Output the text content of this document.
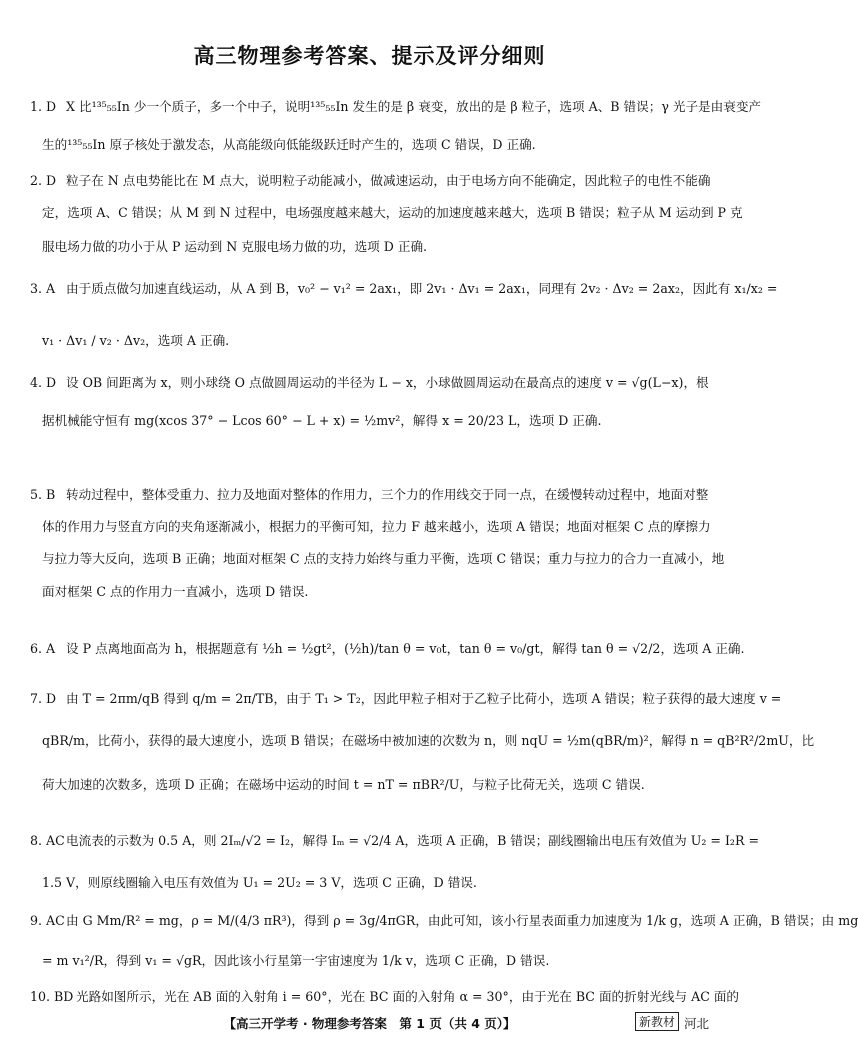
高三物理参考答案、提示及评分细则
1. D X 比¹³⁵₅₅In 少一个质子，多一个中子，说明¹³⁵₅₅In 发生的是 β 衰变，放出的是 β 粒子，选项 A、B 错误；γ 光子是由衰变产
生的¹³⁵₅₅In 原子核处于激发态，从高能级向低能级跃迁时产生的，选项 C 错误，D 正确.
2. D 粒子在 N 点电势能比在 M 点大，说明粒子动能减小，做减速运动，由于电场方向不能确定，因此粒子的电性不能确
定，选项 A、C 错误；从 M 到 N 过程中，电场强度越来越大，运动的加速度越来越大，选项 B 错误；粒子从 M 运动到 P 克
服电场力做的功小于从 P 运动到 N 克服电场力做的功，选项 D 正确.
3. A 由于质点做匀加速直线运动，从 A 到 B，v₀² − v₁² = 2ax₁，即 2v₁ · Δv₁ = 2ax₁，同理有 2v₂ · Δv₂ = 2ax₂，因此有 x₁/x₂ =
v₁ · Δv₁ / v₂ · Δv₂，选项 A 正确.
4. D 设 OB 间距离为 x，则小球绕 O 点做圆周运动的半径为 L − x，小球做圆周运动在最高点的速度 v = √g(L−x)，根
据机械能守恒有 mg(xcos 37° − Lcos 60° − L + x) = ½mv²，解得 x = 20/23 L，选项 D 正确.
5. B 转动过程中，整体受重力、拉力及地面对整体的作用力，三个力的作用线交于同一点，在缓慢转动过程中，地面对整
体的作用力与竖直方向的夹角逐渐减小，根据力的平衡可知，拉力 F 越来越小，选项 A 错误；地面对框架 C 点的摩擦力
与拉力等大反向，选项 B 正确；地面对框架 C 点的支持力始终与重力平衡，选项 C 错误；重力与拉力的合力一直减小，地
面对框架 C 点的作用力一直减小，选项 D 错误.
6. A 设 P 点离地面高为 h，根据题意有 ½h = ½gt²，(½h)/tan θ = v₀t，tan θ = v₀/gt，解得 tan θ = √2/2，选项 A 正确.
7. D 由 T = 2πm/qB 得到 q/m = 2π/TB，由于 T₁ > T₂，因此甲粒子相对于乙粒子比荷小，选项 A 错误；粒子获得的最大速度 v =
qBR/m，比荷小，获得的最大速度小，选项 B 错误；在磁场中被加速的次数为 n，则 nqU = ½m(qBR/m)²，解得 n = qB²R²/2mU，比
荷大加速的次数多，选项 D 正确；在磁场中运动的时间 t = nT = πBR²/U，与粒子比荷无关，选项 C 错误.
8. AC电流表的示数为 0.5 A，则 2Iₘ/√2 = I₂，解得 Iₘ = √2/4 A，选项 A 正确，B 错误；副线圈输出电压有效值为 U₂ = I₂R =
1.5 V，则原线圈输入电压有效值为 U₁ = 2U₂ = 3 V，选项 C 正确，D 错误.
9. AC由 G Mm/R² = mg，ρ = M/(4/3 πR³)，得到 ρ = 3g/4πGR，由此可知，该小行星表面重力加速度为 1/k g，选项 A 正确，B 错误；由 mg
= m v₁²/R，得到 v₁ = √gR，因此该小行星第一宇宙速度为 1/k v，选项 C 正确，D 错误.
10. BD 光路如图所示，光在 AB 面的入射角 i = 60°，光在 BC 面的入射角 α = 30°，由于光在 BC 面的折射光线与 AC 面的
【高三开学考 · 物理参考答案　第 1 页（共 4 页）】	新教材 河北
